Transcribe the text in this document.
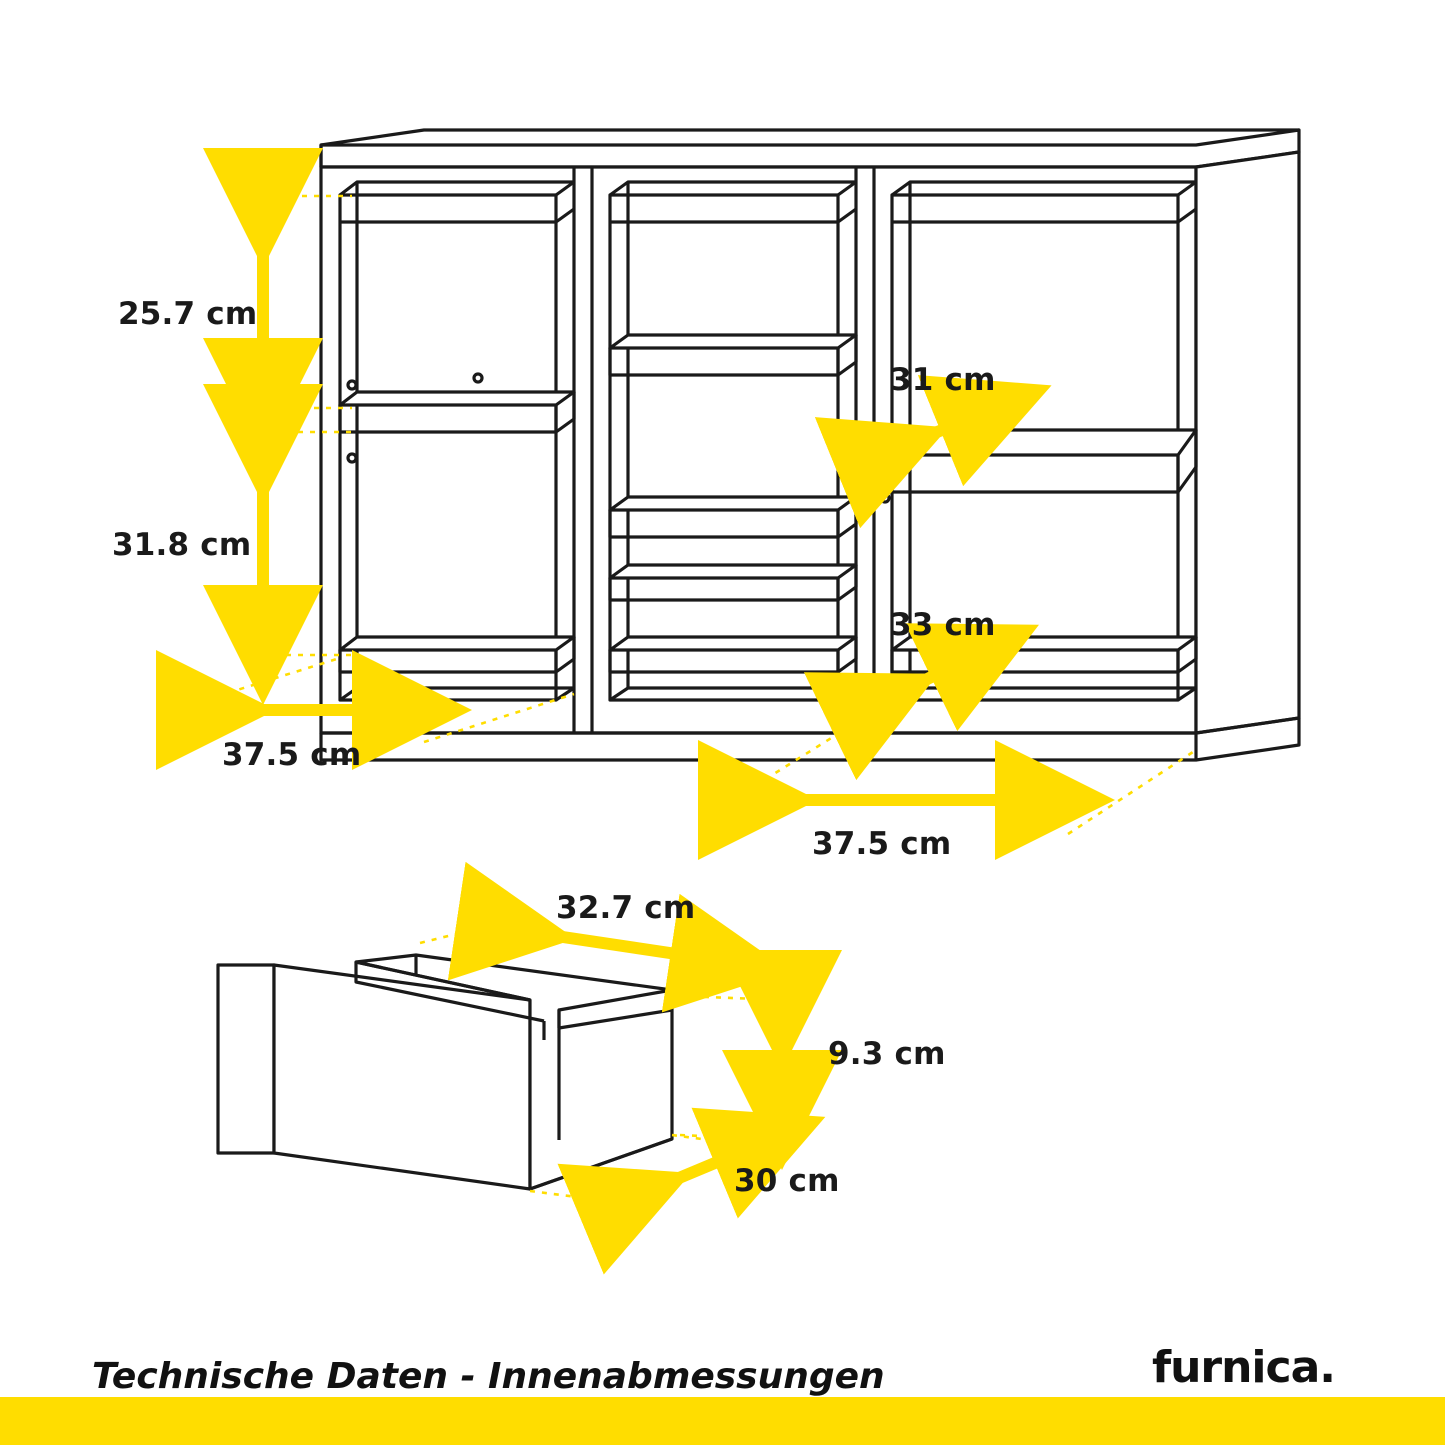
25.7 cm
31.8 cm
31 cm
33 cm
37.5 cm
37.5 cm
32.7 cm
9.3 cm
30 cm
Technische Daten - Innenabmessungen	furnica.
